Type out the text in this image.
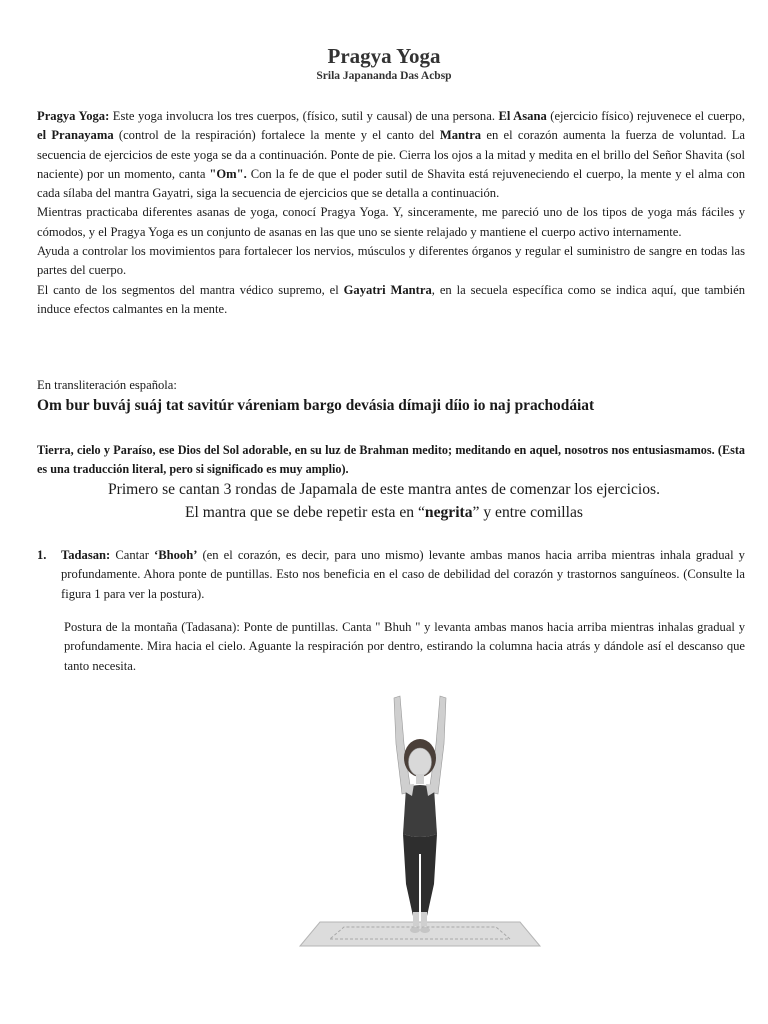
Pragya Yoga
Srila Japananda Das Acbsp

Pragya Yoga: Este yoga involucra los tres cuerpos, (físico, sutil y causal) de una persona. El Asana (ejercicio físico) rejuvenece el cuerpo, el Pranayama (control de la respiración) fortalece la mente y el canto del Mantra en el corazón aumenta la fuerza de voluntad. La secuencia de ejercicios de este yoga se da a continuación. Ponte de pie. Cierra los ojos a la mitad y medita en el brillo del Señor Shavita (sol naciente) por un momento, canta "Om". Con la fe de que el poder sutil de Shavita está rejuveneciendo el cuerpo, la mente y el alma con cada sílaba del mantra Gayatri, siga la secuencia de ejercicios que se detalla a continuación.

Mientras practicaba diferentes asanas de yoga, conocí Pragya Yoga. Y, sinceramente, me pareció uno de los tipos de yoga más fáciles y cómodos, y el Pragya Yoga es un conjunto de asanas en las que uno se siente relajado y mantiene el cuerpo activo internamente.

Ayuda a controlar los movimientos para fortalecer los nervios, músculos y diferentes órganos y regular el suministro de sangre en todas las partes del cuerpo.

El canto de los segmentos del mantra védico supremo, el Gayatri Mantra, en la secuela específica como se indica aquí, que también induce efectos calmantes en la mente.

En transliteración española:
Om bur buváj suáj tat savitúr váreniam bargo devásia dímaji díio io naj prachodáiat
Tierra, cielo y Paraíso, ese Dios del Sol adorable, en su luz de Brahman medito; meditando en aquel, nosotros nos entusiasmamos. (Esta es una traducción literal, pero si significado es muy amplio).
Primero se cantan 3 rondas de Japamala de este mantra antes de comenzar los ejercicios.
El mantra que se debe repetir esta en “negrita” y entre comillas
1. Tadasan: Cantar ‘Bhooh’ (en el corazón, es decir, para uno mismo) levante ambas manos hacia arriba mientras inhala gradual y profundamente. Ahora ponte de puntillas. Esto nos beneficia en el caso de debilidad del corazón y trastornos sanguíneos. (Consulte la figura 1 para ver la postura).
Postura de la montaña (Tadasana): Ponte de puntillas. Canta " Bhuh " y levanta ambas manos hacia arriba mientras inhalas gradual y profundamente. Mira hacia el cielo. Aguante la respiración por dentro, estirando la columna hacia atrás y dándole así el descanso que tanto necesita.
